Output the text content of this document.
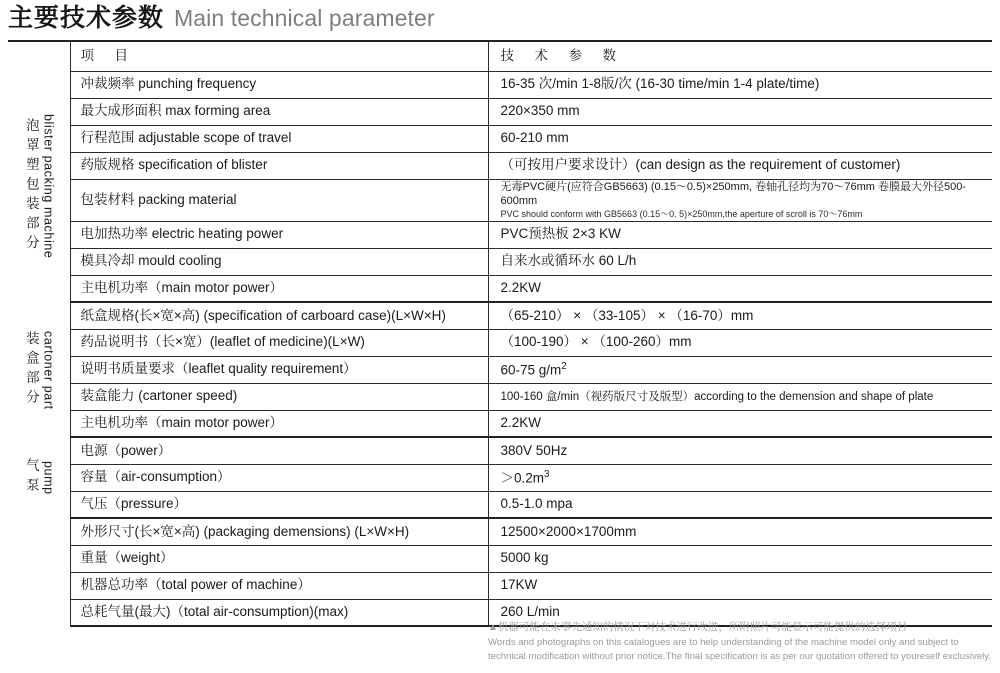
主要技术参数 Main technical parameter
	项　目	技　术　参　数

blister packing machine
泡罩塑包装部分	冲裁频率 punching frequency	16-35 次/min 1-8版/次 (16-30 time/min 1-4 plate/time)
	最大成形面积 max forming area	220×350 mm
	行程范围 adjustable scope of travel	60-210 mm
	药版规格 specification of blister	（可按用户要求设计）(can design as the requirement of customer)
	包装材料 packing material	无毒PVC硬片(应符合GB5663) (0.15～0.5)×250mm, 卷轴孔径均为70～76mm 卷膜最大外径500-600mm
PVC should conform with GB5663 (0.15～0. 5)×250mm,the aperture of scroll is 70～76mm

	电加热功率 electric heating power	PVC预热板 2×3 KW
	模具冷却 mould cooling	自来水或循环水 60 L/h
	主电机功率（main motor power）	2.2KW

cartoner part
装盒部分	纸盒规格(长×宽×高) (specification of carboard case)(L×W×H)	（65-210） × （33-105） × （16-70）mm
	药品说明书（长×宽）(leaflet of medicine)(L×W)	（100-190） × （100-260）mm
	说明书质量要求（leaflet quality requirement）	60-75 $g/m^2$
	装盒能力 (cartoner speed)	100-160 盒/min（视药版尺寸及版型）according to the demension and shape of plate
	主电机功率（main motor power）	2.2KW

pump
气泵	电源（power）	380V 50Hz
	容量（air-consumption）	$>0.2m^3$
	气压（pressure）	0.5-1.0 mpa
	外形尺寸(长×宽×高) (packaging demensions) (L×W×H)	12500×2000×1700mm
	重量（weight）	5000 kg
	机器总功率（total power of machine）	17KW
	总耗气量(最大)（total air-consumption)(max)	260 L/min
▲机器可能在未事先通知的情况下对技术进行改进，所附照片可能显示可能提供的选择项目
Words and photographs on this catalogues are to help understanding of the machine model only and subject to
technical modification without prior notice.The final specification is as per our quotation offered to youreself exclusively.
